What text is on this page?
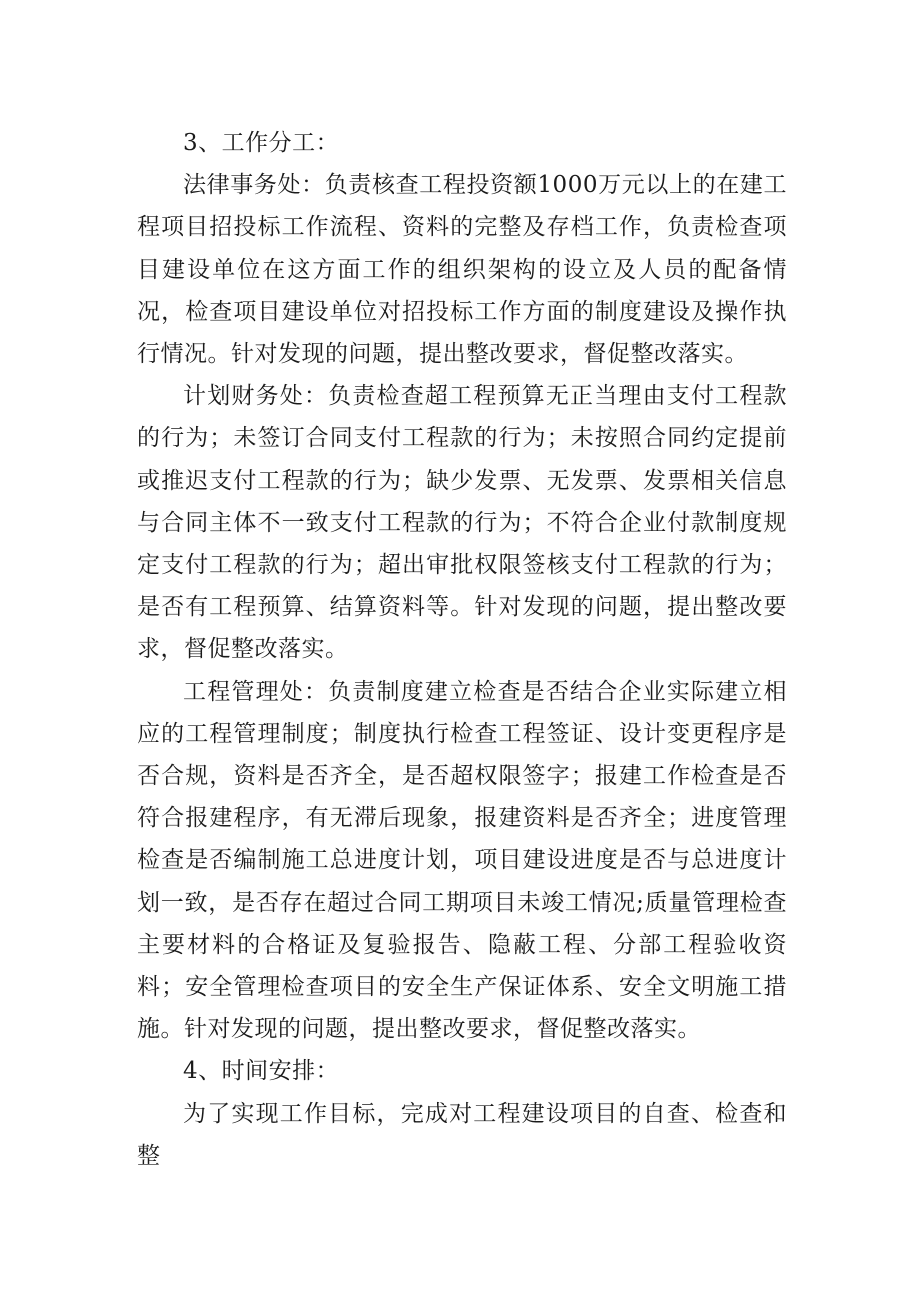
3、工作分工：

法律事务处：负责核查工程投资额1000万元以上的在建工程项目招投标工作流程、资料的完整及存档工作，负责检查项目建设单位在这方面工作的组织架构的设立及人员的配备情况，检查项目建设单位对招投标工作方面的制度建设及操作执行情况。针对发现的问题，提出整改要求，督促整改落实。

计划财务处：负责检查超工程预算无正当理由支付工程款的行为；未签订合同支付工程款的行为；未按照合同约定提前或推迟支付工程款的行为；缺少发票、无发票、发票相关信息与合同主体不一致支付工程款的行为；不符合企业付款制度规定支付工程款的行为；超出审批权限签核支付工程款的行为；是否有工程预算、结算资料等。针对发现的问题，提出整改要求，督促整改落实。

工程管理处：负责制度建立检查是否结合企业实际建立相应的工程管理制度；制度执行检查工程签证、设计变更程序是否合规，资料是否齐全，是否超权限签字；报建工作检查是否符合报建程序，有无滞后现象，报建资料是否齐全；进度管理检查是否编制施工总进度计划，项目建设进度是否与总进度计划一致，是否存在超过合同工期项目未竣工情况;质量管理检查主要材料的合格证及复验报告、隐蔽工程、分部工程验收资料；安全管理检查项目的安全生产保证体系、安全文明施工措施。针对发现的问题，提出整改要求，督促整改落实。

4、时间安排：

为了实现工作目标，完成对工程建设项目的自查、检查和整
